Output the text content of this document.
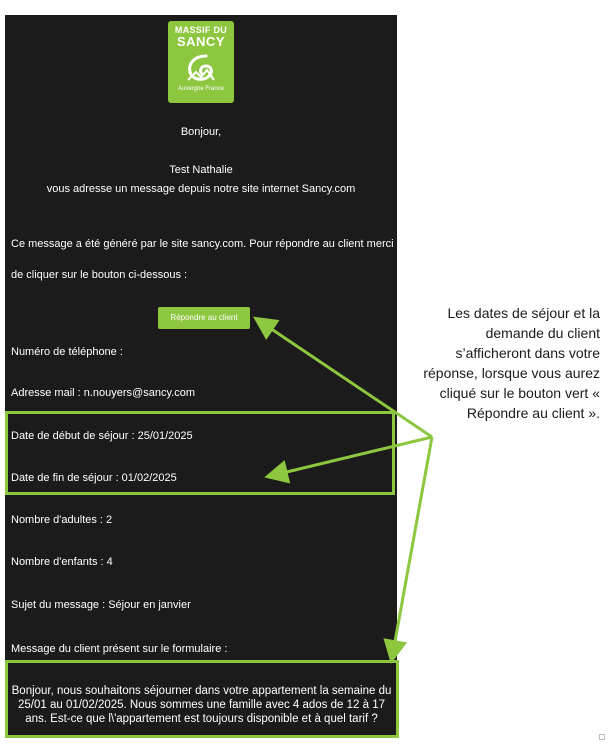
MASSIF DU
SANCY
Auvergne France
Bonjour,
Test Nathalie
vous adresse un message depuis notre site internet Sancy.com
Ce message a été généré par le site sancy.com. Pour répondre au client merci
de cliquer sur le bouton ci-dessous :
Répondre au client
Numéro de téléphone :
Adresse mail : n.nouyers@sancy.com
Date de début de séjour : 25/01/2025
Date de fin de séjour : 01/02/2025
Nombre d'adultes : 2
Nombre d'enfants : 4
Sujet du message : Séjour en janvier
Message du client présent sur le formulaire :
Bonjour, nous souhaitons séjourner dans votre appartement la semaine du 25/01 au 01/02/2025. Nous sommes une famille avec 4 ados de 12 à 17 ans. Est-ce que l\'appartement est toujours disponible et à quel tarif ?
Les dates de séjour et la demande du client s’afficheront dans votre réponse, lorsque vous aurez cliqué sur le bouton vert « Répondre au client ».
